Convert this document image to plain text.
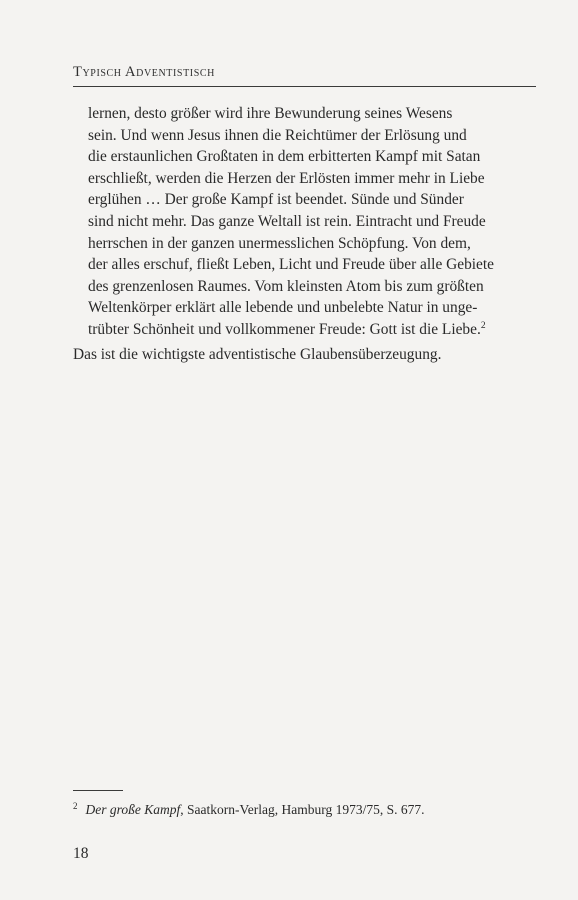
Typisch Adventistisch
lernen, desto größer wird ihre Bewunderung seines Wesens
sein. Und wenn Jesus ihnen die Reichtümer der Erlösung und
die erstaunlichen Großtaten in dem erbitterten Kampf mit Satan
erschließt, werden die Herzen der Erlösten immer mehr in Liebe
erglühen … Der große Kampf ist beendet. Sünde und Sünder
sind nicht mehr. Das ganze Weltall ist rein. Eintracht und Freude
herrschen in der ganzen unermesslichen Schöpfung. Von dem,
der alles erschuf, fließt Leben, Licht und Freude über alle Gebiete
des grenzenlosen Raumes. Vom kleinsten Atom bis zum größten
Weltenkörper erklärt alle lebende und unbelebte Natur in unge-
trübter Schönheit und vollkommener Freude: Gott ist die Liebe.$^2$
Das ist die wichtigste adventistische Glaubensüberzeugung.
$^2$ Der große Kampf, Saatkorn-Verlag, Hamburg 1973/75, S. 677.
18
